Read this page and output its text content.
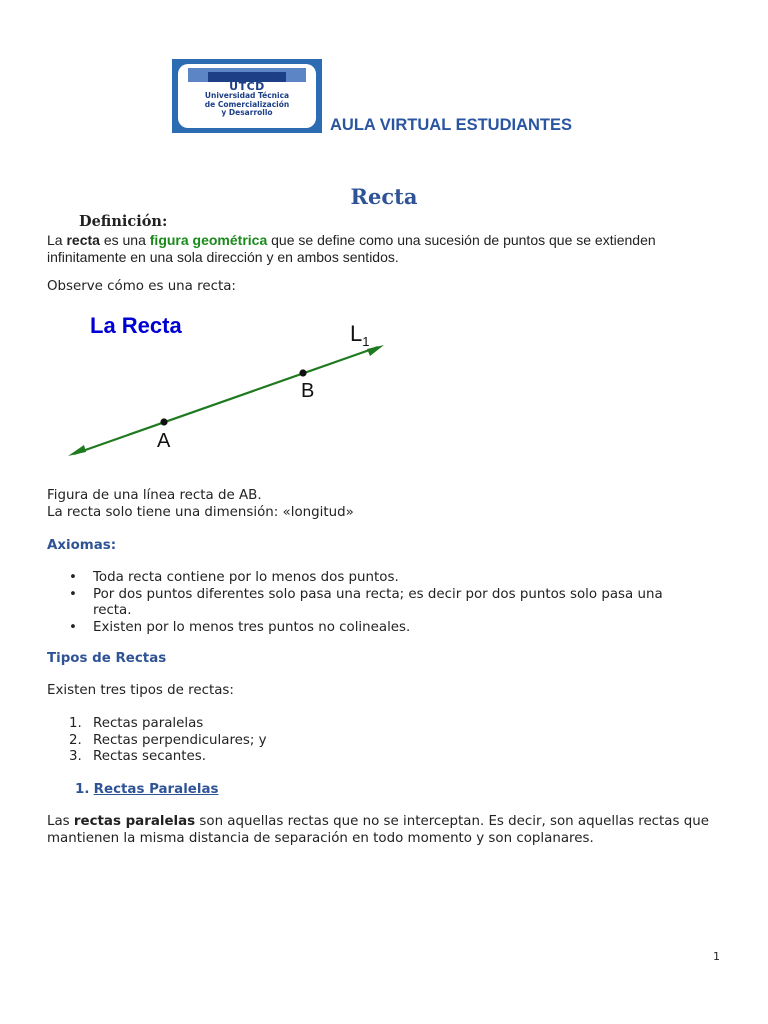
UTCD
Universidad Técnica
de Comercialización
y Desarrollo
AULA VIRTUAL ESTUDIANTES
Recta
Definición:
La recta es una figura geométrica que se define como una sucesión de puntos que se extienden infinitamente en una sola dirección y en ambos sentidos.
Observe cómo es una recta:
La Recta	$L_1$
A
B
Figura de una línea recta de AB.
La recta solo tiene una dimensión: «longitud»
Axiomas:
• Toda recta contiene por lo menos dos puntos.
• Por dos puntos diferentes solo pasa una recta; es decir por dos puntos solo pasa una recta.
• Existen por lo menos tres puntos no colineales.
Tipos de Rectas
Existen tres tipos de rectas:
1. Rectas paralelas
2. Rectas perpendiculares; y
3. Rectas secantes.
1. Rectas Paralelas
Las rectas paralelas son aquellas rectas que no se interceptan. Es decir, son aquellas rectas que mantienen la misma distancia de separación en todo momento y son coplanares.
1
